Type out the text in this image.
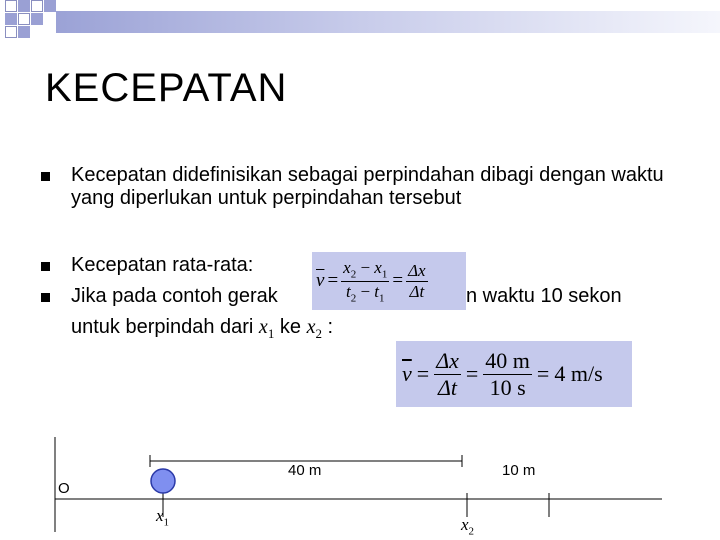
KECEPATAN
Kecepatan didefinisikan sebagai perpindahan dibagi dengan waktu yang diperlukan untuk perpindahan tersebut
Kecepatan rata-rata:
Jika pada contoh gerak	n waktu 10 sekon
untuk berpindah dari $x_1$ ke $x_2$ :
$\overline{v} = \frac{x_2 - x_1}{t_2 - t_1} = \frac{\Delta x}{\Delta t}$
$\overline{v} = \frac{\Delta x}{\Delta t} = \frac{40 m}{10 s} = 4$ m/s
O
40 m	10 m
$x_1$	$x_2$
